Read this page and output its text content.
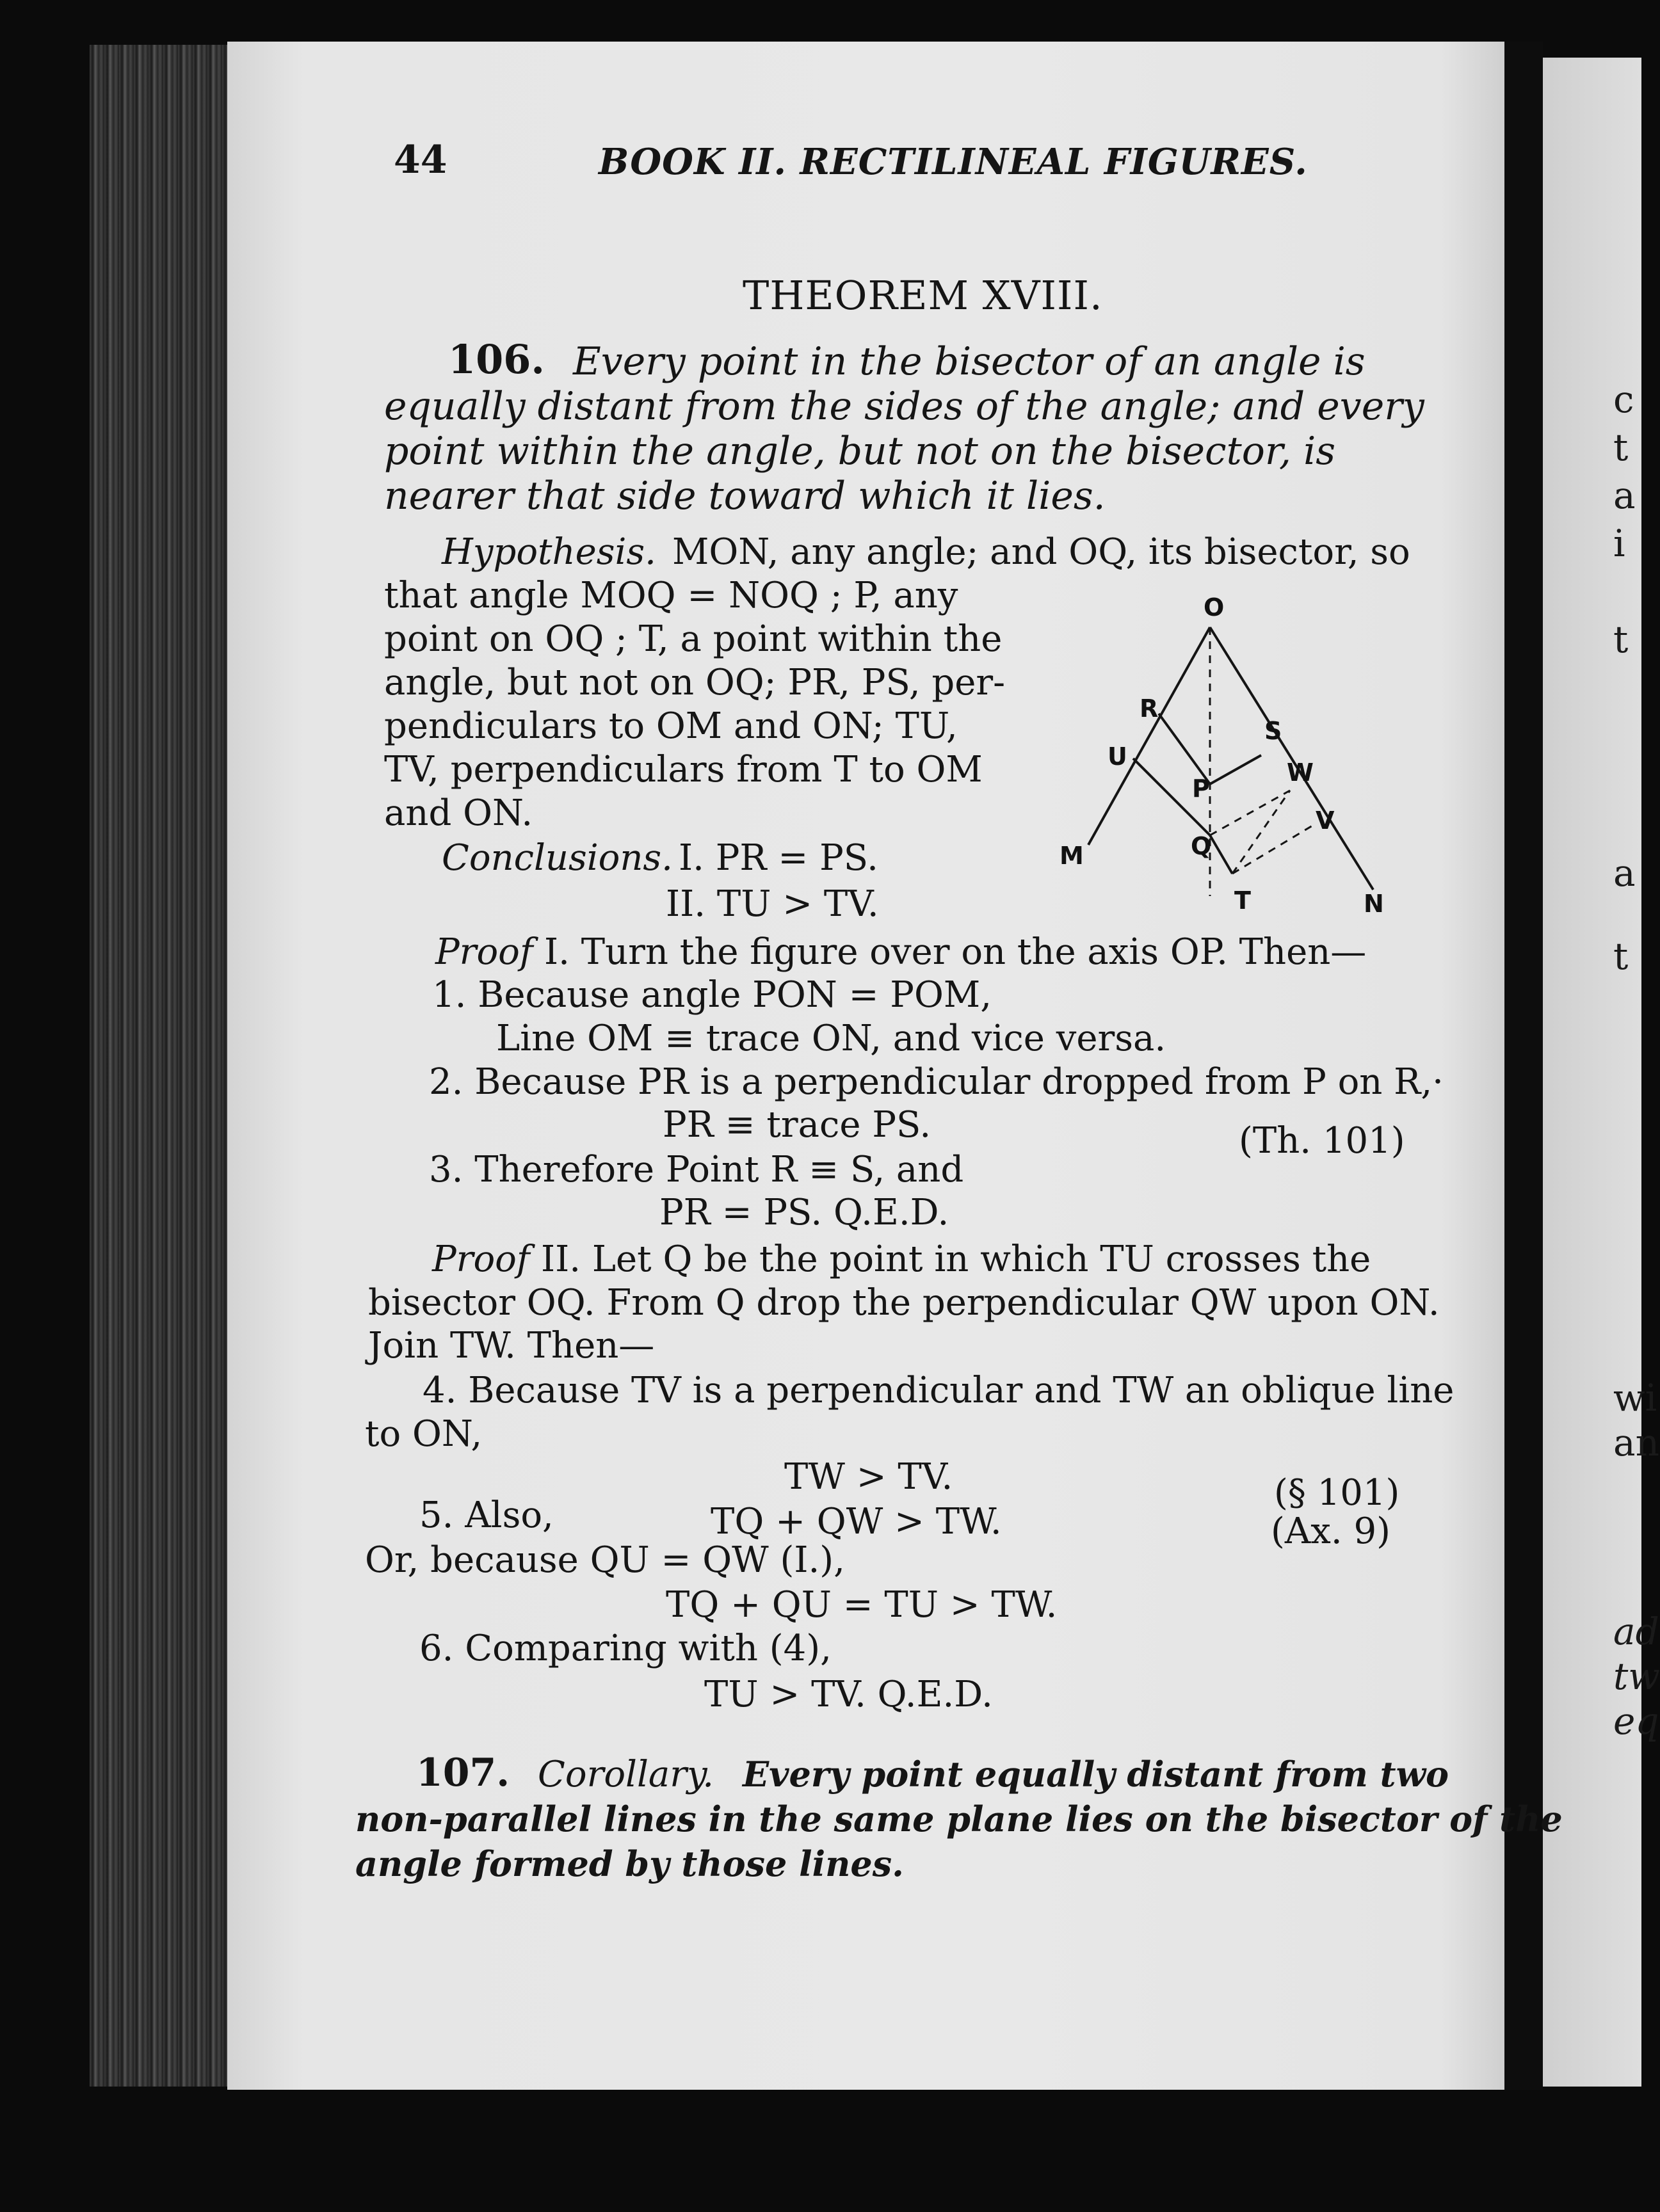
c
t
a
i
t
a
t
wi
an
ad
tw
eq
44	BOOK II. RECTILINEAL FIGURES.
THEOREM XVIII.
106. Every point in the bisector of an angle is
equally distant from the sides of the angle; and every
point within the angle, but not on the bisector, is
nearer that side toward which it lies.
Hypothesis. MON, any angle; and OQ, its bisector, so
that angle MOQ = NOQ ; P, any
point on OQ ; T, a point within the
angle, but not on OQ; PR, PS, per-
pendiculars to OM and ON; TU,
TV, perpendiculars from T to OM
and ON.
Conclusions. I. PR = PS.
II. TU > TV.
O
R
S
U
W
P
V
M	Q
T	N
Proof I. Turn the figure over on the axis OP. Then—
1. Because angle PON = POM,
Line OM ≡ trace ON, and vice versa.
2. Because PR is a perpendicular dropped from P on R,·
PR ≡ trace PS.	(Th. 101)
3. Therefore Point R ≡ S, and
PR = PS. Q.E.D.
Proof II. Let Q be the point in which TU crosses the
bisector OQ. From Q drop the perpendicular QW upon ON.
Join TW. Then—
4. Because TV is a perpendicular and TW an oblique line
to ON,
TW > TV.	(§ 101)
5. Also,	TQ + QW > TW.	(Ax. 9)
Or, because QU = QW (I.),
TQ + QU = TU > TW.
6. Comparing with (4),
TU > TV. Q.E.D.
107. Corollary. Every point equally distant from two
non-parallel lines in the same plane lies on the bisector of the
angle formed by those lines.
